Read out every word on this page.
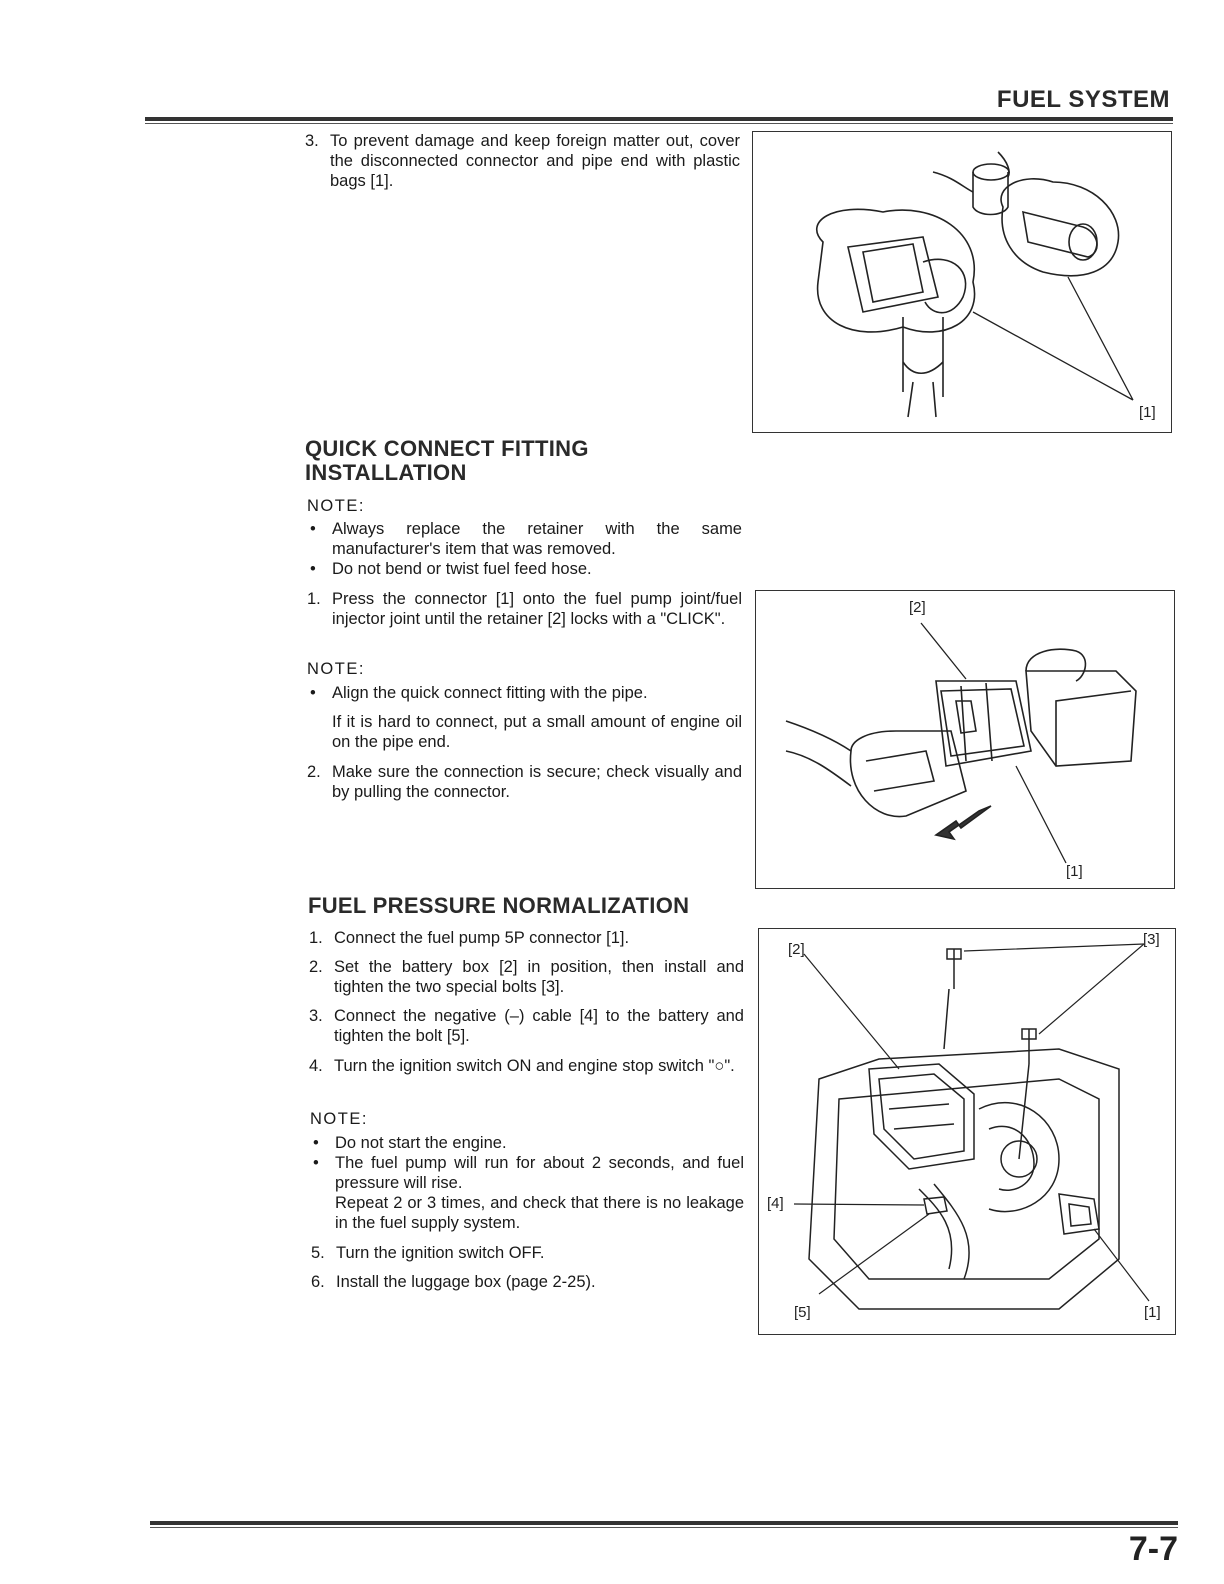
FUEL SYSTEM
3. To prevent damage and keep foreign matter out, cover the disconnected connector and pipe end with plastic bags [1].
[1]
QUICK CONNECT FITTING
INSTALLATION
NOTE:
• Always replace the retainer with the same manufacturer's item that was removed.
• Do not bend or twist fuel feed hose.
1. Press the connector [1] onto the fuel pump joint/fuel injector joint until the retainer [2] locks with a "CLICK".
NOTE:
• Align the quick connect fitting with the pipe.
If it is hard to connect, put a small amount of engine oil on the pipe end.
2. Make sure the connection is secure; check visually and by pulling the connector.
[2]
[1]
FUEL PRESSURE NORMALIZATION
1. Connect the fuel pump 5P connector [1].
2. Set the battery box [2] in position, then install and tighten the two special bolts [3].
3. Connect the negative (–) cable [4] to the battery and tighten the bolt [5].
4. Turn the ignition switch ON and engine stop switch "○".
NOTE:
• Do not start the engine.
• The fuel pump will run for about 2 seconds, and fuel pressure will rise.
Repeat 2 or 3 times, and check that there is no leakage in the fuel supply system.
5. Turn the ignition switch OFF.
6. Install the luggage box (page 2-25).
[2]
[3]
[4]
[5]	[1]
7-7
